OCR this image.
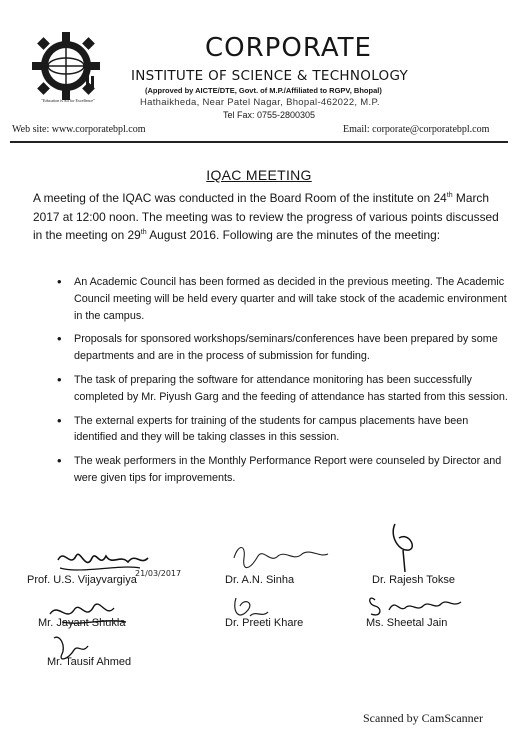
"Education is All for Excellence"
CORPORATE
INSTITUTE OF SCIENCE & TECHNOLOGY
(Approved by AICTE/DTE, Govt. of M.P./Affiliated to RGPV, Bhopal)
Hathaikheda, Near Patel Nagar, Bhopal-462022, M.P.
Tel Fax: 0755-2800305
Web site: www.corporatebpl.com	Email: corporate@corporatebpl.com
IQAC MEETING
A meeting of the IQAC was conducted in the Board Room of the institute on 24th March 2017 at 12:00 noon. The meeting was to review the progress of various points discussed in the meeting on 29th August 2016. Following are the minutes of the meeting:
• An Academic Council has been formed as decided in the previous meeting. The Academic Council meeting will be held every quarter and will take stock of the academic environment in the campus.
• Proposals for sponsored workshops/seminars/conferences have been prepared by some departments and are in the process of submission for funding.
• The task of preparing the software for attendance monitoring has been successfully completed by Mr. Piyush Garg and the feeding of attendance has started from this session.
• The external experts for training of the students for campus placements have been identified and they will be taking classes in this session.
• The weak performers in the Monthly Performance Report were counseled by Director and were given tips for improvements.
21/03/2017
Prof. U.S. Vijayvargiya	Dr. A.N. Sinha	Dr. Rajesh Tokse
Mr. Jayant Shukla	Dr. Preeti Khare	Ms. Sheetal Jain
Mr. Tausif Ahmed
Scanned by CamScanner
